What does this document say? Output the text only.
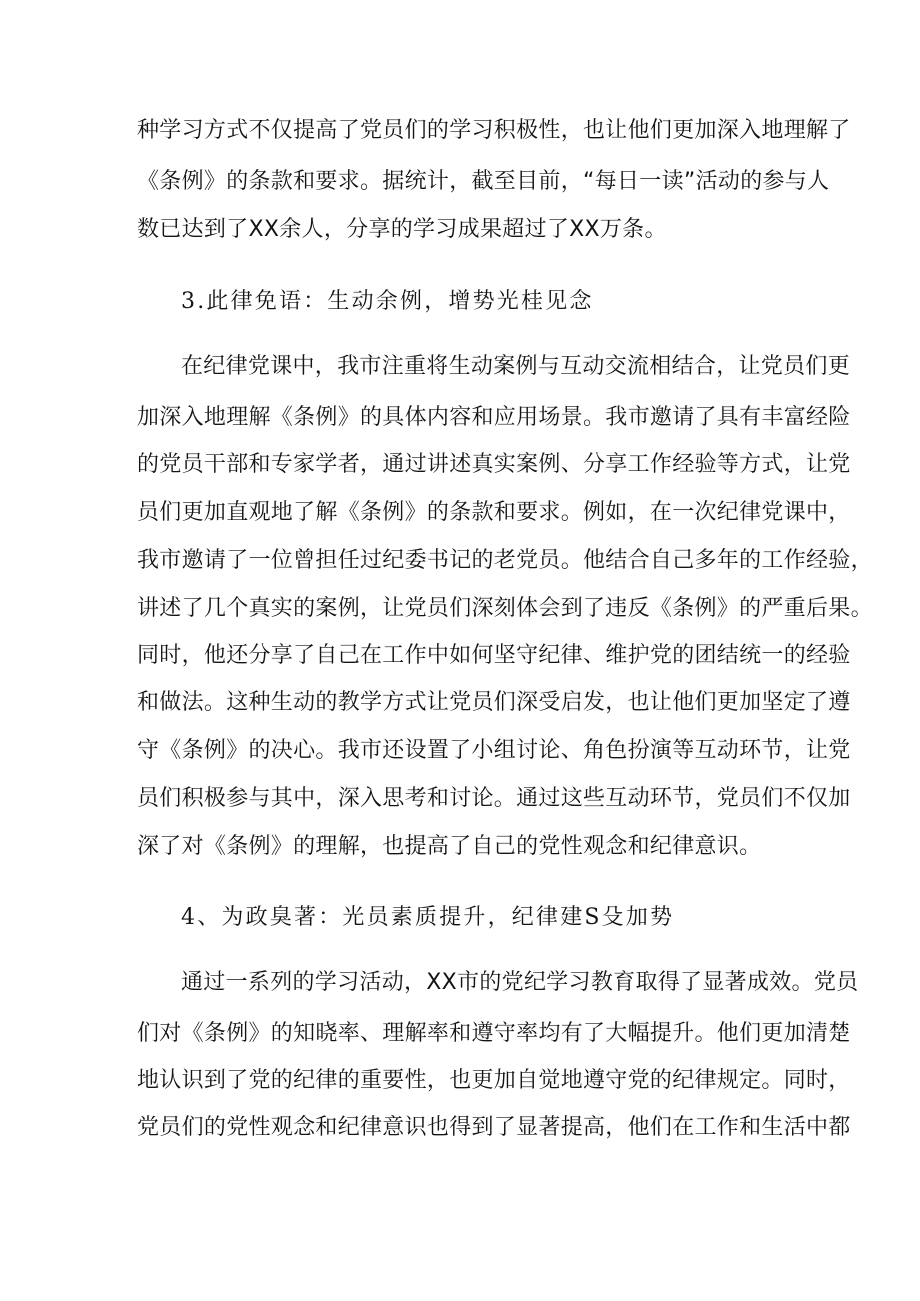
种学习方式不仅提高了党员们的学习积极性，也让他们更加深入地理解了
《条例》的条款和要求。据统计，截至目前，“每日一读”活动的参与人
数已达到了XX余人，分享的学习成果超过了XX万条。
3.此律免语：生动余例，增势光桂见念
在纪律党课中，我市注重将生动案例与互动交流相结合，让党员们更
加深入地理解《条例》的具体内容和应用场景。我市邀请了具有丰富经险
的党员干部和专家学者，通过讲述真实案例、分享工作经验等方式，让党
员们更加直观地了解《条例》的条款和要求。例如，在一次纪律党课中，
我市邀请了一位曾担任过纪委书记的老党员。他结合自己多年的工作经验，
讲述了几个真实的案例，让党员们深刻体会到了违反《条例》的严重后果。
同时，他还分享了自己在工作中如何坚守纪律、维护党的团结统一的经验
和做法。这种生动的教学方式让党员们深受启发，也让他们更加坚定了遵
守《条例》的决心。我市还设置了小组讨论、角色扮演等互动环节，让党
员们积极参与其中，深入思考和讨论。通过这些互动环节，党员们不仅加
深了对《条例》的理解，也提高了自己的党性观念和纪律意识。
4、为政臭著：光员素质提升，纪律建S殳加势
通过一系列的学习活动，XX市的党纪学习教育取得了显著成效。党员
们对《条例》的知晓率、理解率和遵守率均有了大幅提升。他们更加清楚
地认识到了党的纪律的重要性，也更加自觉地遵守党的纪律规定。同时，
党员们的党性观念和纪律意识也得到了显著提高，他们在工作和生活中都
